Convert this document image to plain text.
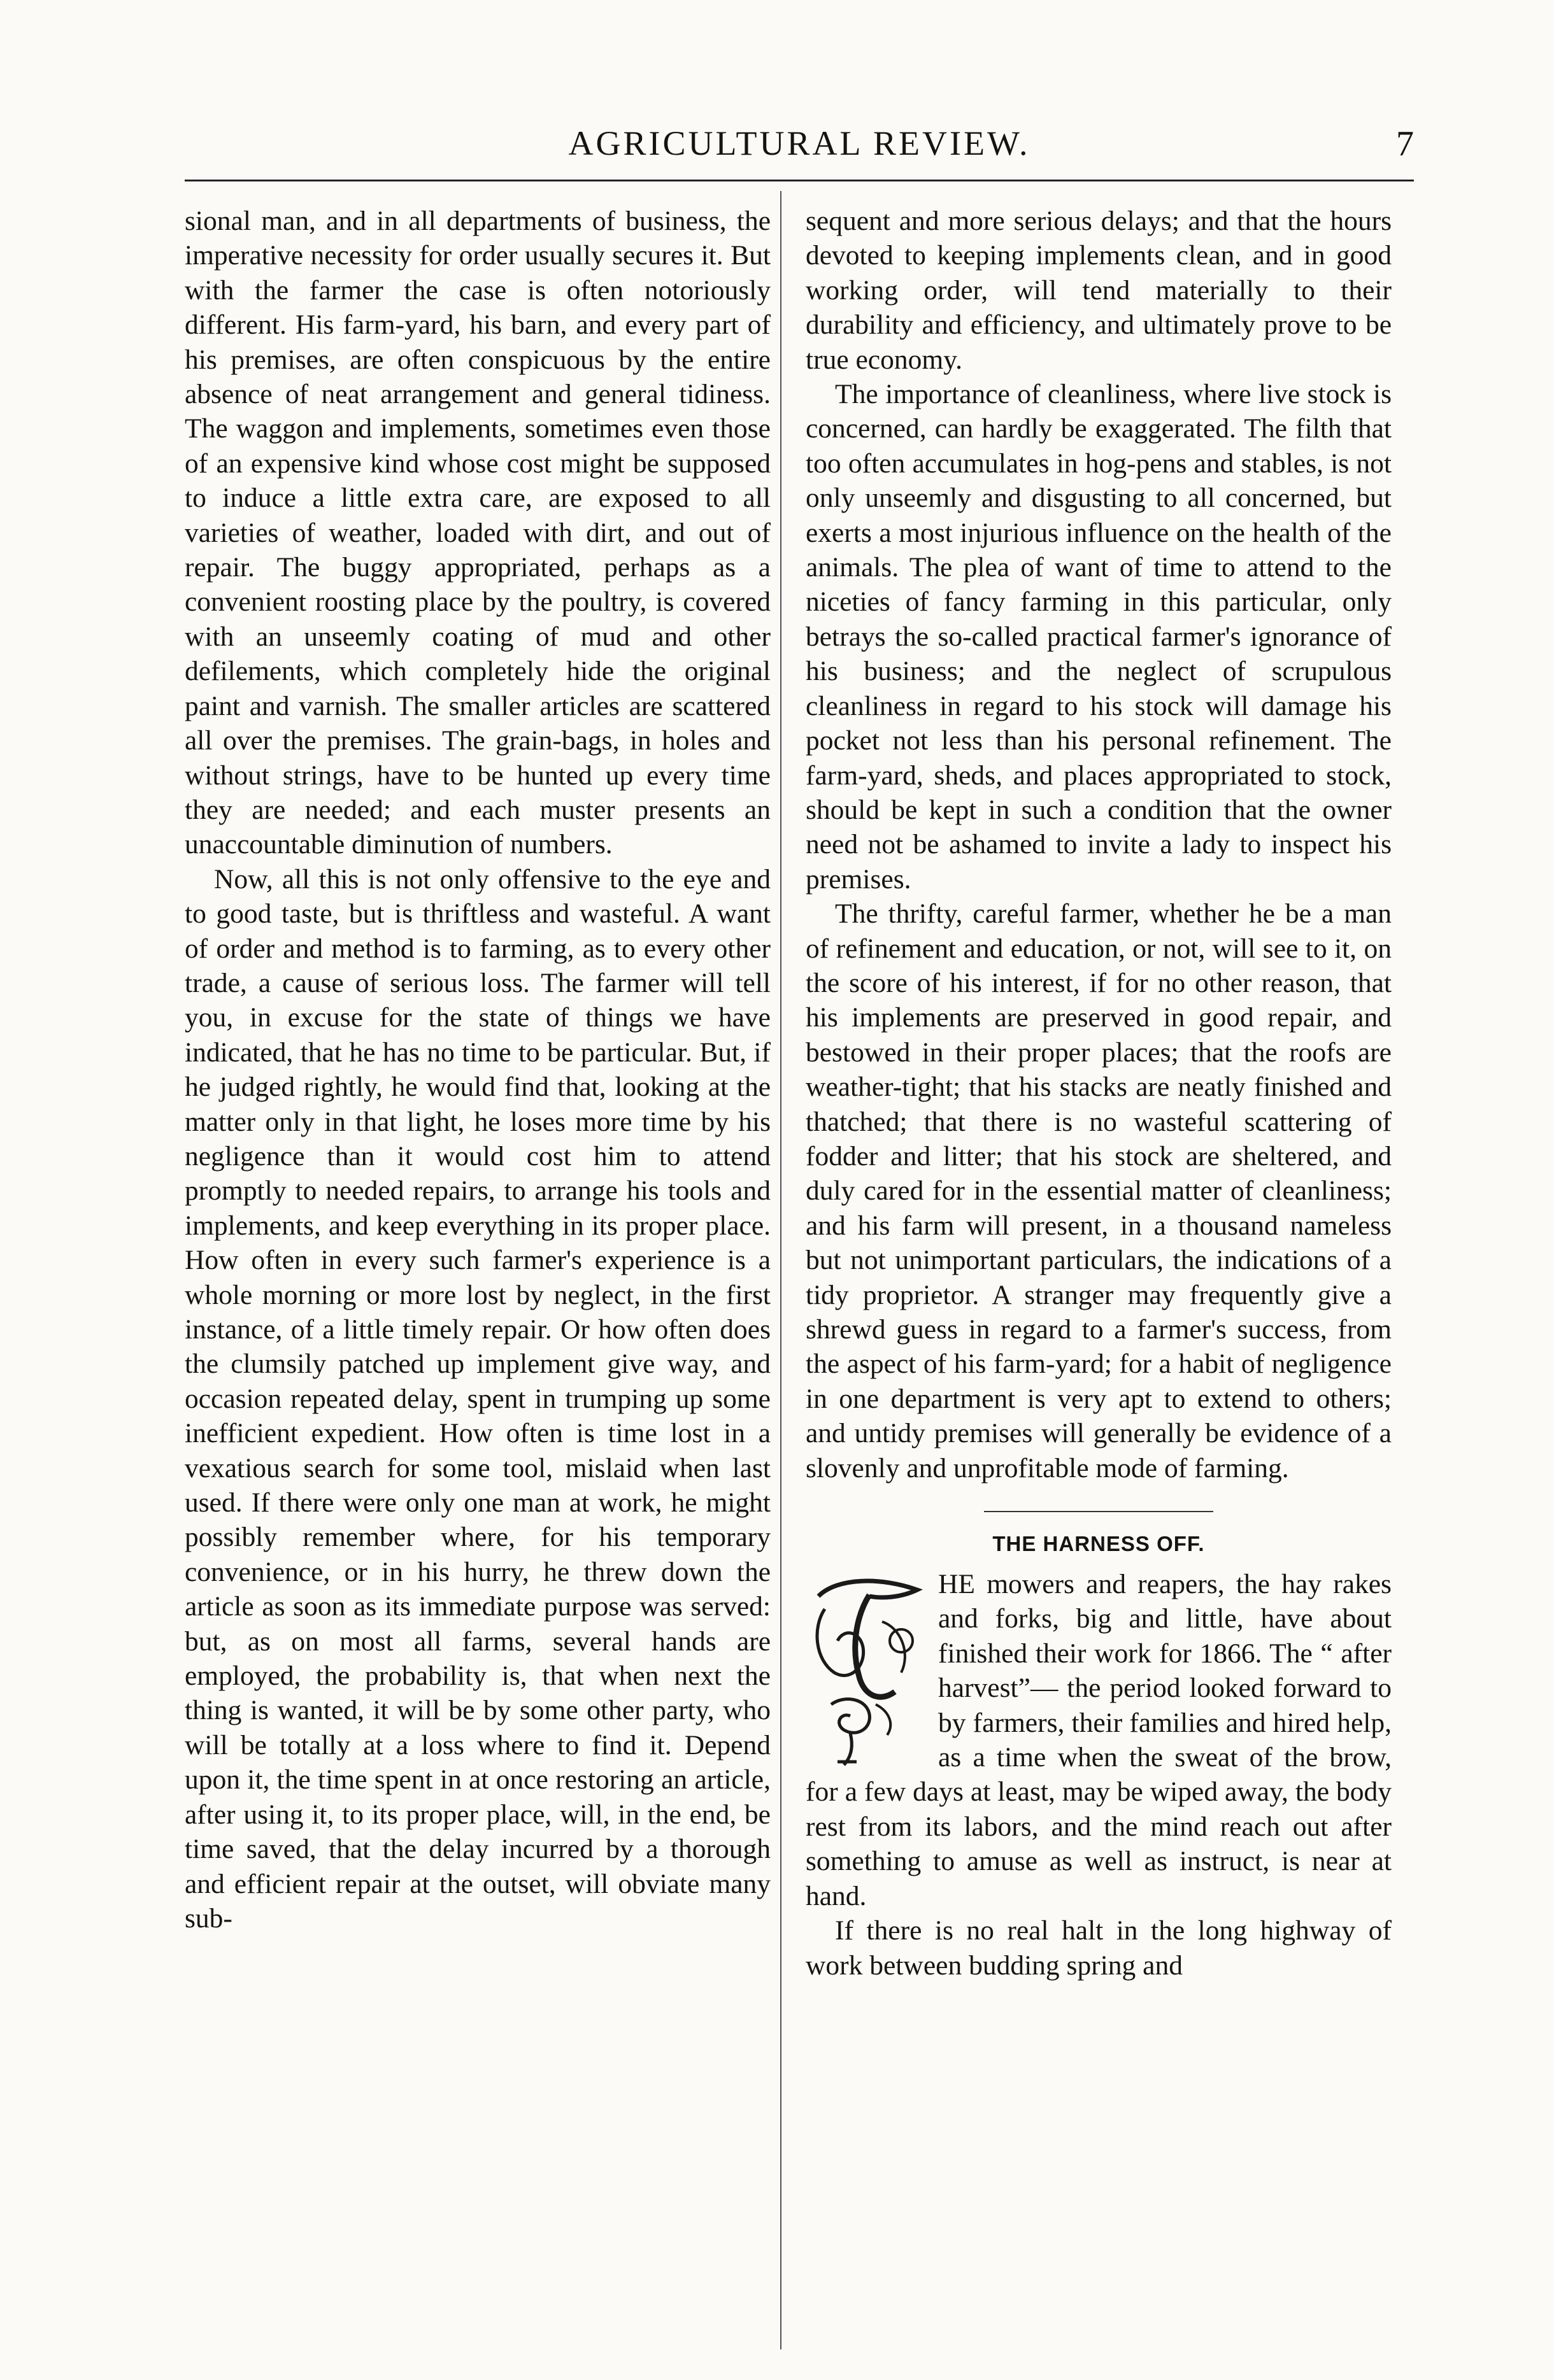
AGRICULTURAL REVIEW.	7

sional man, and in all departments of business, the imperative necessity for order usually secures it. But with the farmer the case is often notoriously different. His farm-yard, his barn, and every part of his premises, are often conspicuous by the entire absence of neat arrangement and general tidiness. The waggon and implements, sometimes even those of an expensive kind whose cost might be supposed to induce a little extra care, are exposed to all varieties of weather, loaded with dirt, and out of repair. The buggy appropriated, perhaps as a convenient roosting place by the poultry, is covered with an unseemly coating of mud and other defilements, which completely hide the original paint and varnish. The smaller articles are scattered all over the premises. The grain-bags, in holes and without strings, have to be hunted up every time they are needed; and each muster presents an unaccountable diminution of numbers.

Now, all this is not only offensive to the eye and to good taste, but is thriftless and wasteful. A want of order and method is to farming, as to every other trade, a cause of serious loss. The farmer will tell you, in excuse for the state of things we have indicated, that he has no time to be particular. But, if he judged rightly, he would find that, looking at the matter only in that light, he loses more time by his negligence than it would cost him to attend promptly to needed repairs, to arrange his tools and implements, and keep everything in its proper place. How often in every such farmer's experience is a whole morning or more lost by neglect, in the first instance, of a little timely repair. Or how often does the clumsily patched up implement give way, and occasion repeated delay, spent in trumping up some inefficient expedient. How often is time lost in a vexatious search for some tool, mislaid when last used. If there were only one man at work, he might possibly remember where, for his temporary convenience, or in his hurry, he threw down the article as soon as its immediate purpose was served: but, as on most all farms, several hands are employed, the probability is, that when next the thing is wanted, it will be by some other party, who will be totally at a loss where to find it. Depend upon it, the time spent in at once restoring an article, after using it, to its proper place, will, in the end, be time saved, that the delay incurred by a thorough and efficient repair at the outset, will obviate many sub-

sequent and more serious delays; and that the hours devoted to keeping implements clean, and in good working order, will tend materially to their durability and efficiency, and ultimately prove to be true economy.

The importance of cleanliness, where live stock is concerned, can hardly be exaggerated. The filth that too often accumulates in hog-pens and stables, is not only unseemly and disgusting to all concerned, but exerts a most injurious influence on the health of the animals. The plea of want of time to attend to the niceties of fancy farming in this particular, only betrays the so-called practical farmer's ignorance of his business; and the neglect of scrupulous cleanliness in regard to his stock will damage his pocket not less than his personal refinement. The farm-yard, sheds, and places appropriated to stock, should be kept in such a condition that the owner need not be ashamed to invite a lady to inspect his premises.

The thrifty, careful farmer, whether he be a man of refinement and education, or not, will see to it, on the score of his interest, if for no other reason, that his implements are preserved in good repair, and bestowed in their proper places; that the roofs are weather-tight; that his stacks are neatly finished and thatched; that there is no wasteful scattering of fodder and litter; that his stock are sheltered, and duly cared for in the essential matter of cleanliness; and his farm will present, in a thousand nameless but not unimportant particulars, the indications of a tidy proprietor. A stranger may frequently give a shrewd guess in regard to a farmer's success, from the aspect of his farm-yard; for a habit of negligence in one department is very apt to extend to others; and untidy premises will generally be evidence of a slovenly and unprofitable mode of farming.

THE HARNESS OFF.

HE mowers and reapers, the hay rakes and forks, big and little, have about finished their work for 1866. The “ after harvest”— the period looked forward to by farmers, their families and hired help, as a time when the sweat of the brow, for a few days at least, may be wiped away, the body rest from its labors, and the mind reach out after something to amuse as well as instruct, is near at hand.

If there is no real halt in the long highway of work between budding spring and
